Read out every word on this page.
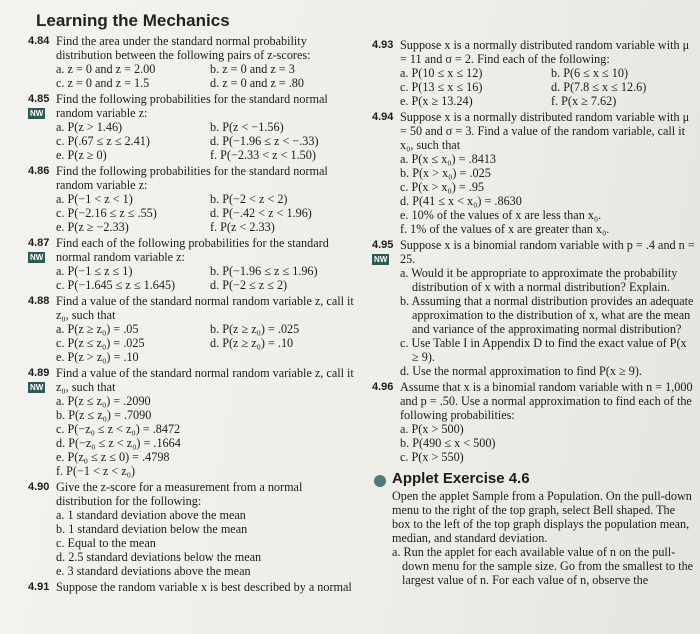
Learning the Mechanics
4.84 Find the area under the standard normal probability distribution between the following pairs of z-scores:
a. z = 0 and z = 2.00	b. z = 0 and z = 3
c. z = 0 and z = 1.5	d. z = 0 and z = .80
4.85
NW
Find the following probabilities for the standard normal random variable z:
a. P(z > 1.46)	b. P(z < −1.56)
c. P(.67 ≤ z ≤ 2.41)	d. P(−1.96 ≤ z < −.33)
e. P(z ≥ 0)	f. P(−2.33 < z < 1.50)
4.86 Find the following probabilities for the standard normal random variable z:
a. P(−1 < z < 1)	b. P(−2 < z < 2)
c. P(−2.16 ≤ z ≤ .55)	d. P(−.42 < z < 1.96)
e. P(z ≥ −2.33)	f. P(z < 2.33)
4.87
NW
Find each of the following probabilities for the standard normal random variable z:
a. P(−1 ≤ z ≤ 1)	b. P(−1.96 ≤ z ≤ 1.96)
c. P(−1.645 ≤ z ≤ 1.645)	d. P(−2 ≤ z ≤ 2)
4.88 Find a value of the standard normal random variable z, call it z₀, such that
a. P(z ≥ z₀) = .05	b. P(z ≥ z₀) = .025
c. P(z ≤ z₀) = .025	d. P(z ≥ z₀) = .10
e. P(z > z₀) = .10
4.89
NW
Find a value of the standard normal random variable z, call it z₀, such that
a. P(z ≤ z₀) = .2090
b. P(z ≤ z₀) = .7090
c. P(−z₀ ≤ z < z₀) = .8472
d. P(−z₀ ≤ z < z₀) = .1664
e. P(z₀ ≤ z ≤ 0) = .4798
f. P(−1 < z < z₀)
4.90 Give the z-score for a measurement from a normal distribution for the following:
a. 1 standard deviation above the mean
b. 1 standard deviation below the mean
c. Equal to the mean
d. 2.5 standard deviations below the mean
e. 3 standard deviations above the mean
4.91 Suppose the random variable x is best described by a normal
4.93 Suppose x is a normally distributed random variable with μ = 11 and σ = 2. Find each of the following:
a. P(10 ≤ x ≤ 12)	b. P(6 ≤ x ≤ 10)
c. P(13 ≤ x ≤ 16)	d. P(7.8 ≤ x ≤ 12.6)
e. P(x ≥ 13.24)	f. P(x ≥ 7.62)
4.94 Suppose x is a normally distributed random variable with μ = 50 and σ = 3. Find a value of the random variable, call it x₀, such that
a. P(x ≤ x₀) = .8413
b. P(x > x₀) = .025
c. P(x > x₀) = .95
d. P(41 ≤ x < x₀) = .8630
e. 10% of the values of x are less than x₀.
f. 1% of the values of x are greater than x₀.
4.95
NW
Suppose x is a binomial random variable with p = .4 and n = 25.
a. Would it be appropriate to approximate the probability distribution of x with a normal distribution? Explain.
b. Assuming that a normal distribution provides an adequate approximation to the distribution of x, what are the mean and variance of the approximating normal distribution?
c. Use Table I in Appendix D to find the exact value of P(x ≥ 9).
d. Use the normal approximation to find P(x ≥ 9).
4.96 Assume that x is a binomial random variable with n = 1,000 and p = .50. Use a normal approximation to find each of the following probabilities:
a. P(x > 500)
b. P(490 ≤ x < 500)
c. P(x > 550)
Applet Exercise 4.6
Open the applet Sample from a Population. On the pull-down menu to the right of the top graph, select Bell shaped. The box to the left of the top graph displays the population mean, median, and standard deviation.
a. Run the applet for each available value of n on the pull-down menu for the sample size. Go from the smallest to the largest value of n. For each value of n, observe the
